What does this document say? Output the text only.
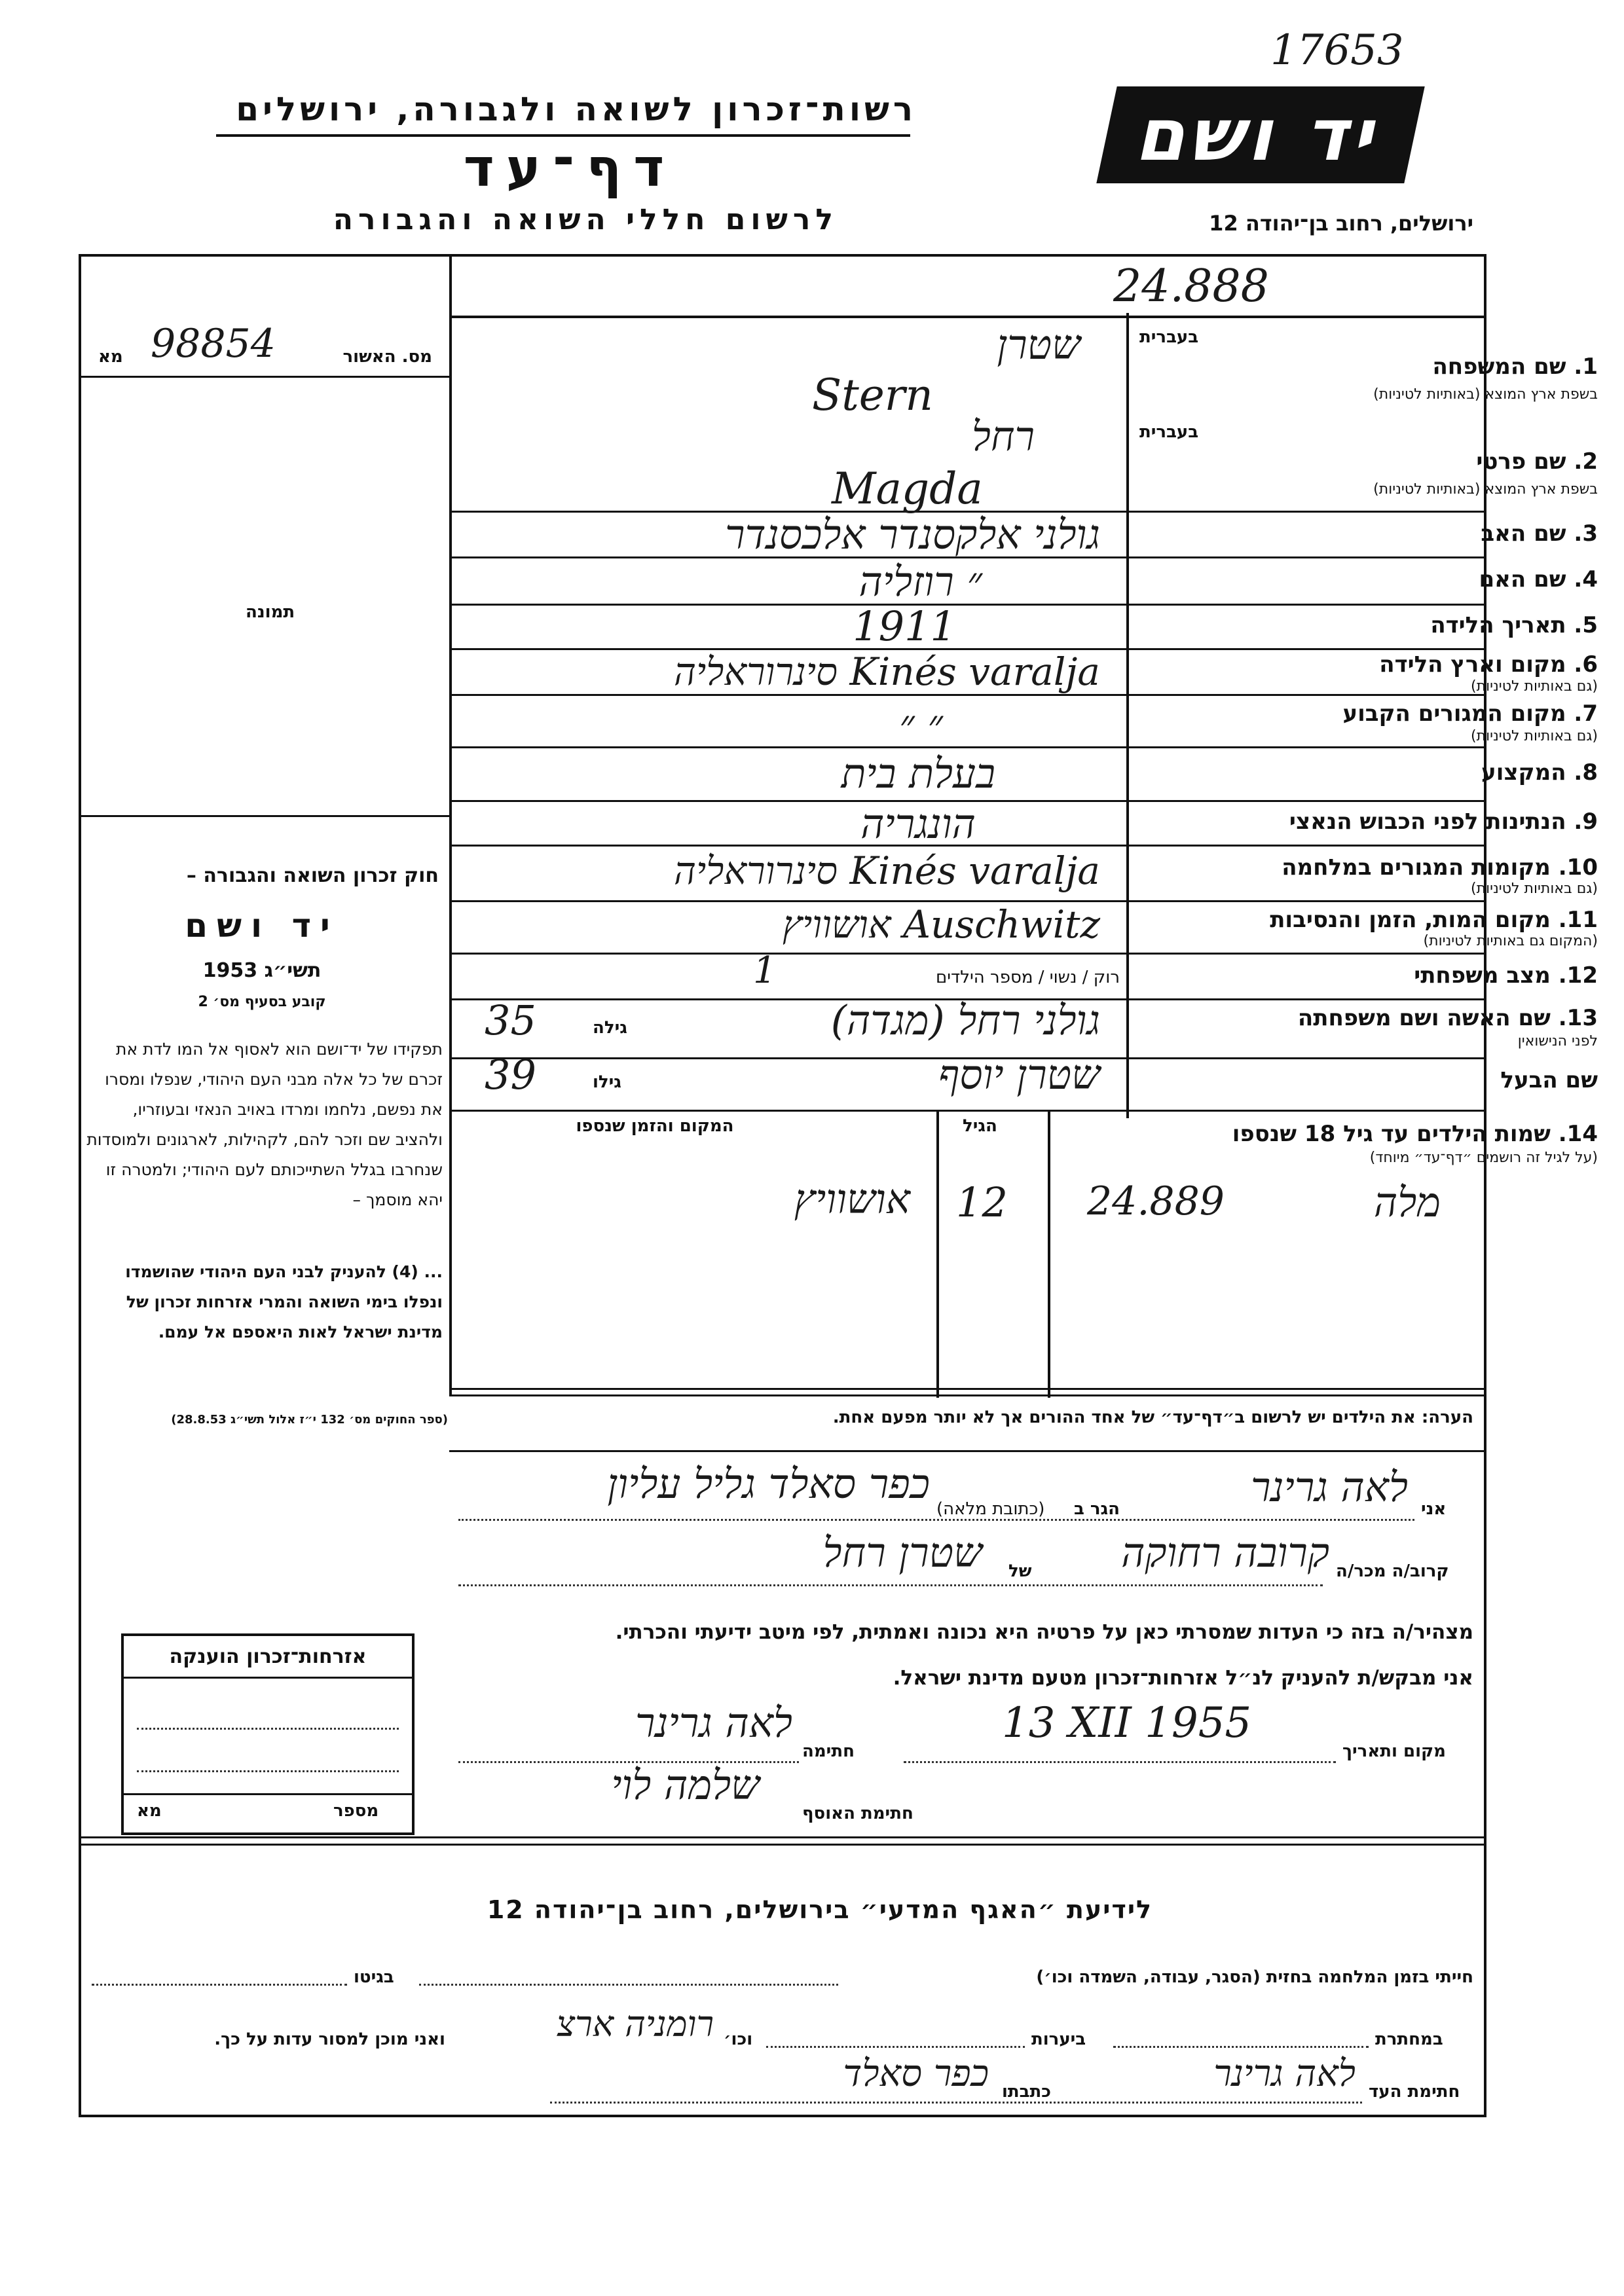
17653
רשות־זכרון לשואה ולגבורה, ירושלים
דף־עד
לרשום חללי השואה והגבורה
יד ושם
ירושלים, רחוב בן־יהודה 12
24.888
מס. האשור
מא 98854
תמונה
חוק זכרון השואה והגבורה –
יד ושם
תשי״ג 1953
קובע בסעיף מס׳ 2
תפקידו של יד־ושם הוא לאסוף אל המו לדת את זכרם של כל אלה מבני העם היהודי, שנפלו ומסרו את נפשם, נלחמו ומרדו באויב הנאזי ובעוזריו, ולהציב שם וזכר להם, לקהילות, לארגונים ולמוסדות שנחרבו בגלל השתייכותם לעם היהודי; ולמטרה זו יהא מוסמך –
... (4) להעניק לבני העם היהודי שהושמדו ונפלו בימי השואה והמרי אזרחות זכרון של מדינת ישראל לאות היאספם אל עמם.
(ספר החוקים מס׳ 132 י״ז אלול תשי״ג 28.8.53)
בעברית
1. שם המשפחה
בשפת ארץ המוצא (באותיות לטיניות)
שטרן
Stern
בעברית
2. שם פרטי
בשפת ארץ המוצא (באותיות לטיניות)
רחל
Magda
3. שם האב
גולני אלקסנדר אלכסנדר
4. שם האם
״ רוזליה
5. תאריך הלידה
1911
6. מקום וארץ הלידה
(גם באותיות לטיניות)
Kinés varalja סינרוראליה
7. מקום המגורים הקבוע
(גם באותיות לטיניות)
״ ״
8. המקצוע
בעלת בית
9. הנתינות לפני הכבוש הנאצי
הונגריה
10. מקומות המגורים במלחמה
(גם באותיות לטיניות)
Kinés varalja סינרוראליה
11. מקום המות, הזמן והנסיבות
(המקום גם באותיות לטיניות)
Auschwitz אושוויץ
12. מצב משפחתי
רוק / נשוי / מספר הילדים
1
13. שם האשה ושם משפחתה
לפני הנישואין
גולני רחל (מגדה)
גילה
35
שם הבעל
שטרן יוסף
גילו
39
14. שמות הילדים עד גיל 18 שנספו
(על לגיל זה רושמים ״דף־עד״ מיוחד)
הגיל
המקום והזמן שנספו
מלה
24.889
12
אושוויץ
הערה: את הילדים יש לרשום ב״דף־עד״ של אחד ההורים אך לא יותר מפעם אחת.
אני
לאה גרינר
הגר ב
(כתובת מלאה)
כפר סאלד גליל עליון
קרוב/ה מכר/ה
קרובה רחוקה
של
שטרן רחל
מצהיר/ה בזה כי העדות שמסרתי כאן על פרטיה היא נכונה ואמתית, לפי מיטב ידיעתי והכרתי.
אני מבקש/ת להעניק לנ״ל אזרחות־זכרון מטעם מדינת ישראל.
מקום ותאריך
13 XII 1955
חתימה
לאה גרינר
חתימת האוסף
שלמה לוי
אזרחות־זכרון הוענקה
מספר
מא
לידיעת ״האגף המדעי״ בירושלים, רחוב בן־יהודה 12
בגיטו	חייתי בזמן המלחמה בחזית (הסגר, עבודה, השמדה וכו׳)
במחתרת
ביערות
וכו׳
רומניה ארצ
ואני מוכן למסור עדות על כך.
חתימת העד
לאה גרינר
כתבתו
כפר סאלד
